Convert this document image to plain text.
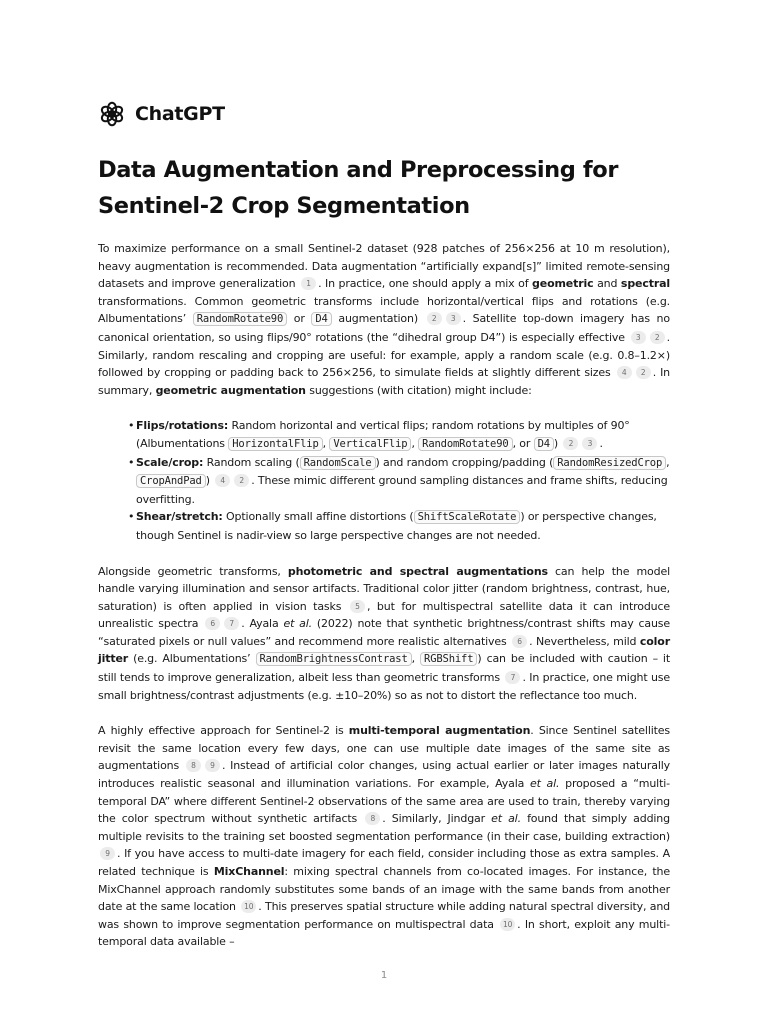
ChatGPT
Data Augmentation and Preprocessing for Sentinel-2 Crop Segmentation

To maximize performance on a small Sentinel-2 dataset (928 patches of 256×256 at 10 m resolution), heavy augmentation is recommended. Data augmentation “artificially expand[s]” limited remote-sensing datasets and improve generalization 1 . In practice, one should apply a mix of geometric and spectral transformations. Common geometric transforms include horizontal/vertical flips and rotations (e.g. Albumentations’ RandomRotate90 or D4 augmentation) 2 3 . Satellite top-down imagery has no canonical orientation, so using flips/90° rotations (the “dihedral group D4”) is especially effective 3 2 . Similarly, random rescaling and cropping are useful: for example, apply a random scale (e.g. 0.8–1.2×) followed by cropping or padding back to 256×256, to simulate fields at slightly different sizes 4 2 . In summary, geometric augmentation suggestions (with citation) might include:

• Flips/rotations: Random horizontal and vertical flips; random rotations by multiples of 90° (Albumentations HorizontalFlip , VerticalFlip , RandomRotate90 , or D4 ) 2 3 .
• Scale/crop: Random scaling ( RandomScale ) and random cropping/padding ( RandomResizedCrop , CropAndPad ) 4 2 . These mimic different ground sampling distances and frame shifts, reducing overfitting.
• Shear/stretch: Optionally small affine distortions ( ShiftScaleRotate ) or perspective changes, though Sentinel is nadir-view so large perspective changes are not needed.

Alongside geometric transforms, photometric and spectral augmentations can help the model handle varying illumination and sensor artifacts. Traditional color jitter (random brightness, contrast, hue, saturation) is often applied in vision tasks 5 , but for multispectral satellite data it can introduce unrealistic spectra 6 7 . Ayala et al. (2022) note that synthetic brightness/contrast shifts may cause “saturated pixels or null values” and recommend more realistic alternatives 6 . Nevertheless, mild color jitter (e.g. Albumentations’ RandomBrightnessContrast , RGBShift ) can be included with caution – it still tends to improve generalization, albeit less than geometric transforms 7 . In practice, one might use small brightness/contrast adjustments (e.g. ±10–20%) so as not to distort the reflectance too much.

A highly effective approach for Sentinel-2 is multi-temporal augmentation. Since Sentinel satellites revisit the same location every few days, one can use multiple date images of the same site as augmentations 8 9 . Instead of artificial color changes, using actual earlier or later images naturally introduces realistic seasonal and illumination variations. For example, Ayala et al. proposed a “multi-temporal DA” where different Sentinel-2 observations of the same area are used to train, thereby varying the color spectrum without synthetic artifacts 8 . Similarly, Jindgar et al. found that simply adding multiple revisits to the training set boosted segmentation performance (in their case, building extraction) 9 . If you have access to multi-date imagery for each field, consider including those as extra samples. A related technique is MixChannel: mixing spectral channels from co-located images. For instance, the MixChannel approach randomly substitutes some bands of an image with the same bands from another date at the same location 10 . This preserves spatial structure while adding natural spectral diversity, and was shown to improve segmentation performance on multispectral data 10 . In short, exploit any multi-temporal data available –

1
